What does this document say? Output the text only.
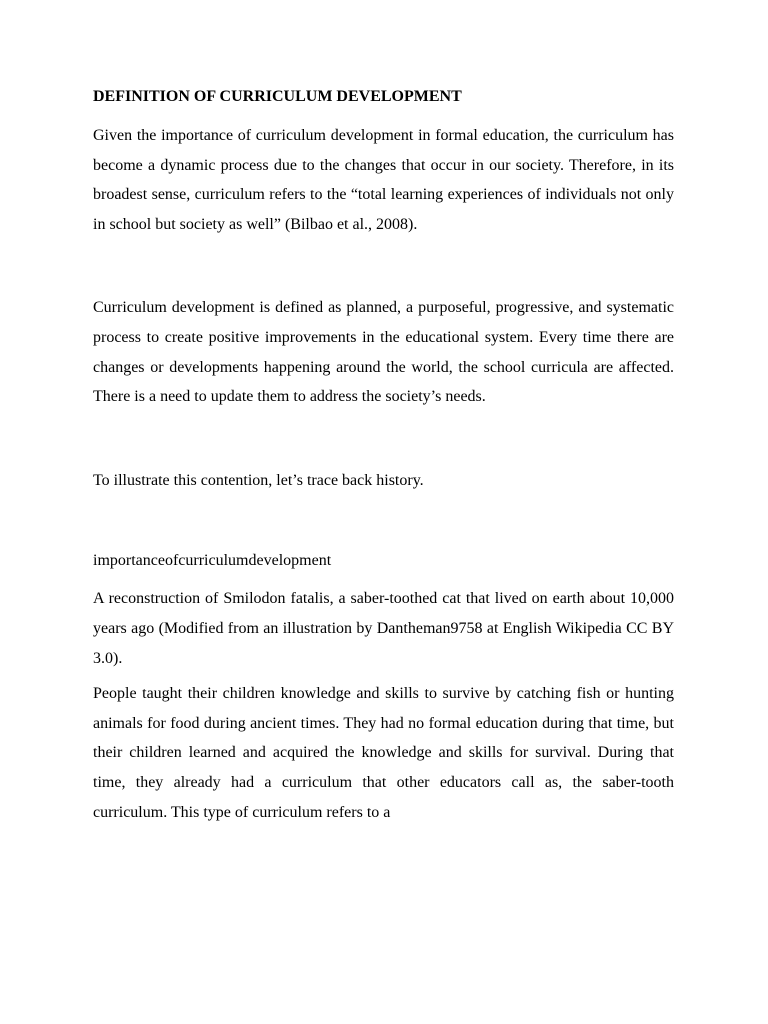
DEFINITION OF CURRICULUM DEVELOPMENT

Given the importance of curriculum development in formal education, the curriculum has become a dynamic process due to the changes that occur in our society. Therefore, in its broadest sense, curriculum refers to the “total learning experiences of individuals not only in school but society as well” (Bilbao et al., 2008).

Curriculum development is defined as planned, a purposeful, progressive, and systematic process to create positive improvements in the educational system. Every time there are changes or developments happening around the world, the school curricula are affected. There is a need to update them to address the society’s needs.

To illustrate this contention, let’s trace back history.

importanceofcurriculumdevelopment

A reconstruction of Smilodon fatalis, a saber-toothed cat that lived on earth about 10,000 years ago (Modified from an illustration by Dantheman9758 at English Wikipedia CC BY 3.0).

People taught their children knowledge and skills to survive by catching fish or hunting animals for food during ancient times. They had no formal education during that time, but their children learned and acquired the knowledge and skills for survival. During that time, they already had a curriculum that other educators call as, the saber-tooth curriculum. This type of curriculum refers to a
